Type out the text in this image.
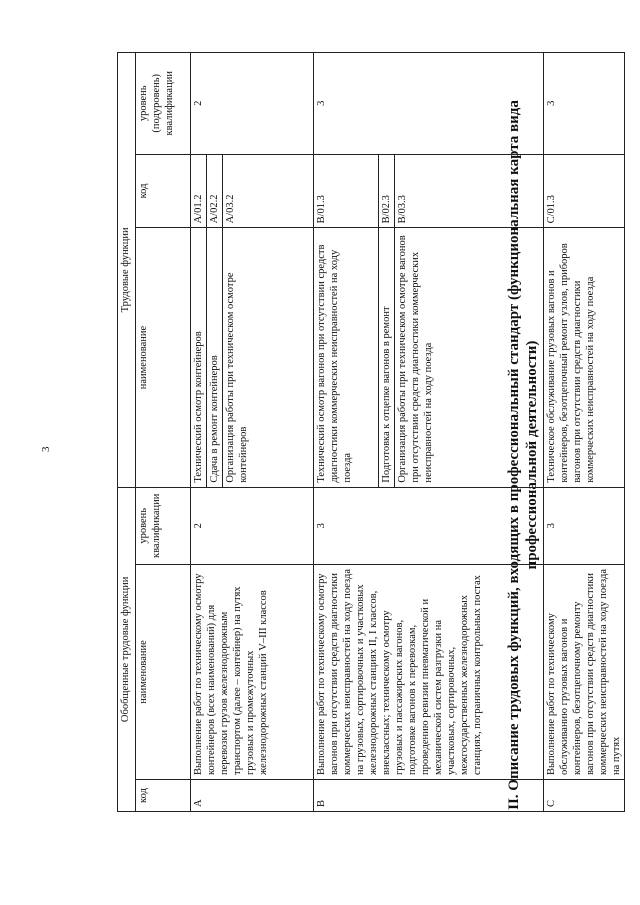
3	II. Описание трудовых функций, входящих в профессиональный стандарт (функциональная карта вида профессиональной деятельности)
Обобщенные трудовые функции			Трудовые функции		
код	наименование	уровень квалификации	наименование	код	уровень (подуровень) квалификации
A	Выполнение работ по техническому осмотру контейнеров (всех наименований) для перевозки грузов железнодорожным транспортом (далее – контейнер) на путях грузовых и промежуточных железнодорожных станций V–III классов	2	Технический осмотр контейнеров	A/01.2	2
			Сдача в ремонт контейнеров	A/02.2	
			Организация работы при техническом осмотре контейнеров	A/03.2	
B	Выполнение работ по техническому осмотру вагонов при отсутствии средств диагностики коммерческих неисправностей на ходу поезда на грузовых, сортировочных и участковых железнодорожных станциях II, I классов, внеклассных; техническому осмотру грузовых и пассажирских вагонов, подготовке вагонов к перевозкам, проведению ревизии пневматической и механической систем разгрузки на участковых, сортировочных, межгосударственных железнодорожных станциях, пограничных контрольных постах	3	Технический осмотр вагонов при отсутствии средств диагностики коммерческих неисправностей на ходу поезда	B/01.3	3
			Подготовка к отцепке вагонов в ремонт	B/02.3	
			Организация работы при техническом осмотре вагонов при отсутствии средств диагностики коммерческих неисправностей на ходу поезда	B/03.3	
C	Выполнение работ по техническому обслуживанию грузовых вагонов и контейнеров, безотцепочному ремонту вагонов при отсутствии средств диагностики коммерческих неисправностей на ходу поезда на путях	3	Техническое обслуживание грузовых вагонов и контейнеров, безотцепочный ремонт узлов, приборов вагонов при отсутствии средств диагностики коммерческих неисправностей на ходу поезда	C/01.3	3
